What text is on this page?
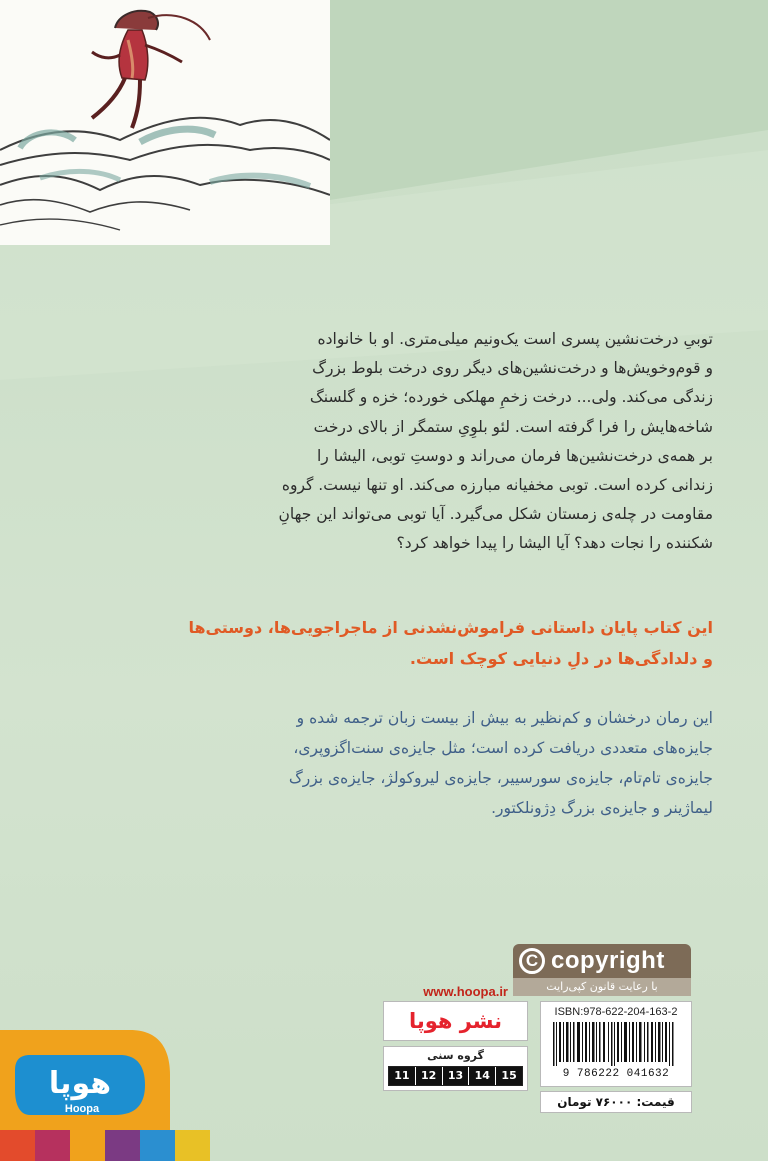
توبیِ درخت‌نشین پسری است یک‌ونیم میلی‌متری. او با خانواده

و قوم‌وخویش‌ها و درخت‌نشین‌های دیگر روی درخت بلوط بزرگ

زندگی می‌کند. ولی... درخت زخمِ مهلکی خورده؛ خزه و گلسنگ

شاخه‌هایش را فرا گرفته است. لئو بلوِیِ ستمگر از بالای درخت

بر همه‌ی درخت‌نشین‌ها فرمان می‌راند و دوستِ توبی، الیشا را

زندانی کرده است. توبی مخفیانه مبارزه می‌کند. او تنها نیست. گروه

مقاومت در چله‌ی زمستان شکل می‌گیرد. آیا توبی می‌تواند این جهانِ

شکننده را نجات دهد؟ آیا الیشا را پیدا خواهد کرد؟

این کتاب پایان داستانی فراموش‌نشدنی از ماجراجویی‌ها، دوستی‌ها

و دلدادگی‌ها در دلِ دنیایی کوچک است.

این رمان درخشان و کم‌نظیر به بیش از بیست زبان ترجمه شده و

جایزه‌های متعددی دریافت کرده است؛ مثل جایزه‌ی سنت‌اگزوپری،

جایزه‌ی تام‌تام، جایزه‌ی سورسییر، جایزه‌ی لیروکولژ، جایزه‌ی بزرگ

لیماژینر و جایزه‌ی بزرگ دِژونلکتور.

C copyright
با رعایت قانون کپی‌رایت
www.hoopa.ir
نشر هوپا
گروه سنی
11	12	13	14	15
ISBN:978-622-204-163-2
9 786222 041632
قیمت: ۷۶۰۰۰ تومان
هوپا
Hoopa
